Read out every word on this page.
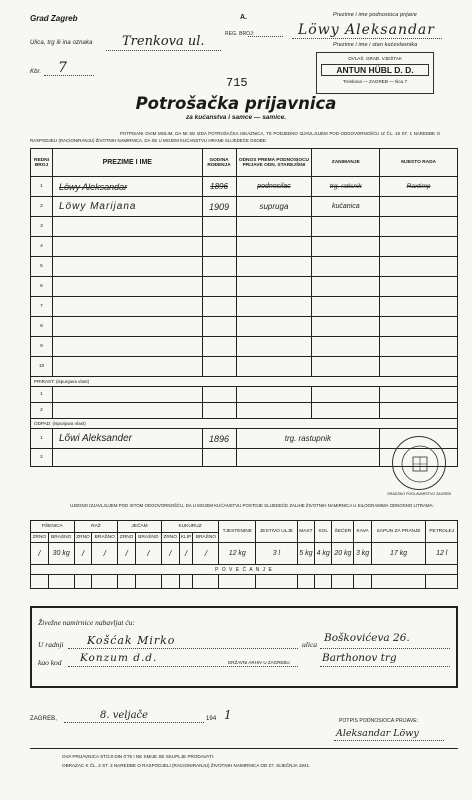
Grad Zagreb	A.
REG. BROJ:
Ulica, trg ili ina oznaka Trenkova ul.
Kbr. 7
Prezime i ime podnosioca prijave
Löwy Aleksandar
Prezime i ime i stan kućevlasnika
OVLAŠ. GRAĐ. VJEŠTAK
ANTUN HÜBL D. D.
Trenkova — ZAGREB — Ilica 7
715
Potrošačka prijavnica
za kućanstva i samce — samice.
POTPISANI OVIM MOLIM, DA MI SE IZDA POTROŠAČKA ISKAZNICA, TE PODJEDNO IZJAVLJUJEM POD ODGOVORNOŠĆU IZ ČL. 18 ST. 1 NAREDBE O RASPODJELI (RACIONIRANJU) ŽIVOTNIH NAMIRNICA, DA SE U MOJEM KUĆANSTVU HRANE SLIJEDEĆE OSOBE:
REDNI BROJ	PREZIME I IME	GODINA ROĐENJA	ODNOS PREMA PODNOSIOCU PRIJAVE ODN. STAREJŠINI	ZANIMANJE	MJESTO RADA
1	Löwy Aleksandar	1896	podnosilac	trg. ratisnik	Raxtimp
2	Löwy Marijana	1909	supruga	kućanica	
3					
4					
5					
6					
7					
8					
9					
10					
PRIRAST: (ispunjava vlast)					
1					
2					
ODPAD: (ispunjava vlast)					
1	Lőwi Aleksander	1896	trg. rastupnik		
2					
GRADSKO POGLAVARSTVO ZAGREB
UJEDNO IZJAVLJUJEM POD ISTOM ODGOVORNOŠĆU, DA U MOJEM KUĆANSTVU POSTOJE SLIJEDEĆE ZALIHE ŽIVOTNIH NAMIRNICA U KILOGRAMIMA ODNOSNO LITRAMA:
PŠENICA		RAŽ		JEČAM		KUKURUZ			TJESTENINE	JESTIVO ULJE	MAST	SOL	ŠEĆER	KAVA	SAPUN ZA PRANJE	PETROLEJ
ZRNO	BRAŠNO	ZRNO	BRAŠNO	ZRNO	BRAŠNO	ZRNO	KLIP	BRAŠNO								
/	30 kg	/	/	/	/	/	/	/	12 kg	3 l	5 kg	4 kg	20 kg	3 kg	17 kg	12 l
P O V E Ć A N J E																

Živežne namirnice nabavljat ću:
U radnji Košćak Mirko	ulica
Boškovićeva 26.
kao kod Konzum d.d.	Barthonov trg
DRŽAVNI ARHIV U ZAGREBU
ZAGREB,	8. veljače	194 1	POTPIS PODNOSIOCA PRIJAVE:
Aleksandar Löwy
OVA PRIJAVNICA STOJI DIN 0'75 I NE SMIJE SE SKUPLJE PRODAVATI.
OBRAZAC K ČL. 2 ST. 3 NAREDBE O RASPODJELI (RACIONIRANJU) ŽIVOTNIH NAMIRNICA OD 27. SIJEČNJA 1941.
